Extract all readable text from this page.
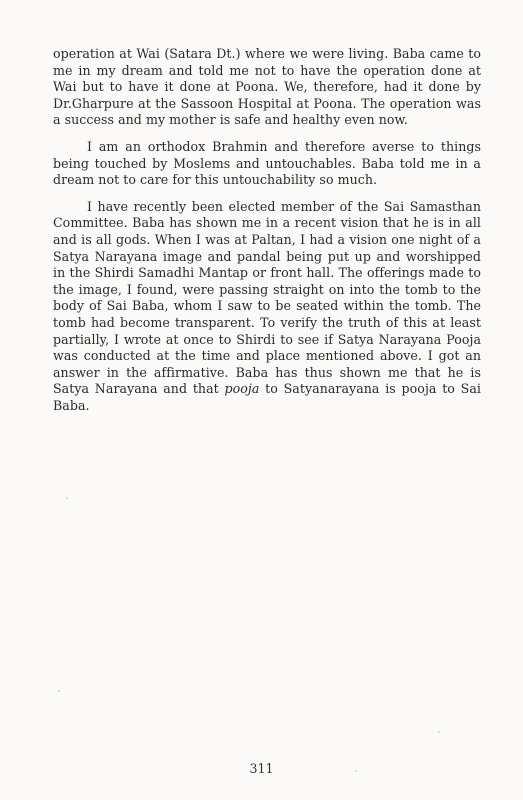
operation at Wai (Satara Dt.) where we were living. Baba came to me in my dream and told me not to have the operation done at Wai but to have it done at Poona. We, therefore, had it done by Dr.Gharpure at the Sassoon Hospital at Poona. The operation was a success and my mother is safe and healthy even now.

I am an orthodox Brahmin and therefore averse to things being touched by Moslems and untouchables. Baba told me in a dream not to care for this untouchability so much.

I have recently been elected member of the Sai Samasthan Committee. Baba has shown me in a recent vision that he is in all and is all gods. When I was at Paltan, I had a vision one night of a Satya Narayana image and pandal being put up and worshipped in the Shirdi Samadhi Mantap or front hall. The offerings made to the image, I found, were passing straight on into the tomb to the body of Sai Baba, whom I saw to be seated within the tomb. The tomb had become transparent. To verify the truth of this at least partially, I wrote at once to Shirdi to see if Satya Narayana Pooja was conducted at the time and place mentioned above. I got an answer in the affirmative. Baba has thus shown me that he is Satya Narayana and that pooja to Satyanarayana is pooja to Sai Baba.

311
